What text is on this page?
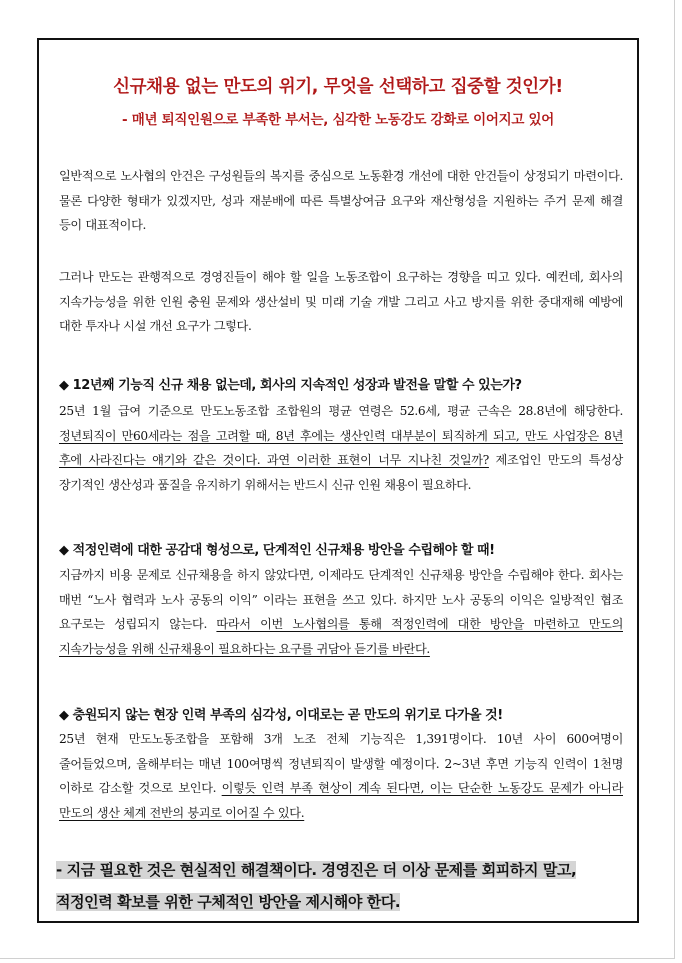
신규채용 없는 만도의 위기, 무엇을 선택하고 집중할 것인가!
- 매년 퇴직인원으로 부족한 부서는, 심각한 노동강도 강화로 이어지고 있어
일반적으로 노사협의 안건은 구성원들의 복지를 중심으로 노동환경 개선에 대한 안건들이 상정되기 마련이다. 물론 다양한 형태가 있겠지만, 성과 재분배에 따른 특별상여금 요구와 재산형성을 지원하는 주거 문제 해결 등이 대표적이다.
그러나 만도는 관행적으로 경영진들이 해야 할 일을 노동조합이 요구하는 경향을 띠고 있다. 예컨데, 회사의 지속가능성을 위한 인원 충원 문제와 생산설비 및 미래 기술 개발 그리고 사고 방지를 위한 중대재해 예방에 대한 투자나 시설 개선 요구가 그렇다.
◆ 12년째 기능직 신규 채용 없는데, 회사의 지속적인 성장과 발전을 말할 수 있는가?
25년 1월 급여 기준으로 만도노동조합 조합원의 평균 연령은 52.6세, 평균 근속은 28.8년에 해당한다. 정년퇴직이 만60세라는 점을 고려할 때, 8년 후에는 생산인력 대부분이 퇴직하게 되고, 만도 사업장은 8년 후에 사라진다는 얘기와 같은 것이다. 과연 이러한 표현이 너무 지나친 것일까? 제조업인 만도의 특성상 장기적인 생산성과 품질을 유지하기 위해서는 반드시 신규 인원 채용이 필요하다.
◆ 적정인력에 대한 공감대 형성으로, 단계적인 신규채용 방안을 수립해야 할 때!
지금까지 비용 문제로 신규채용을 하지 않았다면, 이제라도 단계적인 신규채용 방안을 수립해야 한다. 회사는 매번 “노사 협력과 노사 공동의 이익” 이라는 표현을 쓰고 있다. 하지만 노사 공동의 이익은 일방적인 협조 요구로는 성립되지 않는다. 따라서 이번 노사협의를 통해 적정인력에 대한 방안을 마련하고 만도의 지속가능성을 위해 신규채용이 필요하다는 요구를 귀담아 듣기를 바란다.
◆ 충원되지 않는 현장 인력 부족의 심각성, 이대로는 곧 만도의 위기로 다가올 것!
25년 현재 만도노동조합을 포함해 3개 노조 전체 기능직은 1,391명이다. 10년 사이 600여명이 줄어들었으며, 올해부터는 매년 100여명씩 정년퇴직이 발생할 예정이다. 2~3년 후면 기능직 인력이 1천명 이하로 감소할 것으로 보인다. 이렇듯 인력 부족 현상이 계속 된다면, 이는 단순한 노동강도 문제가 아니라 만도의 생산 체계 전반의 붕괴로 이어질 수 있다.
- 지금 필요한 것은 현실적인 해결책이다. 경영진은 더 이상 문제를 회피하지 말고, 적정인력 확보를 위한 구체적인 방안을 제시해야 한다.
